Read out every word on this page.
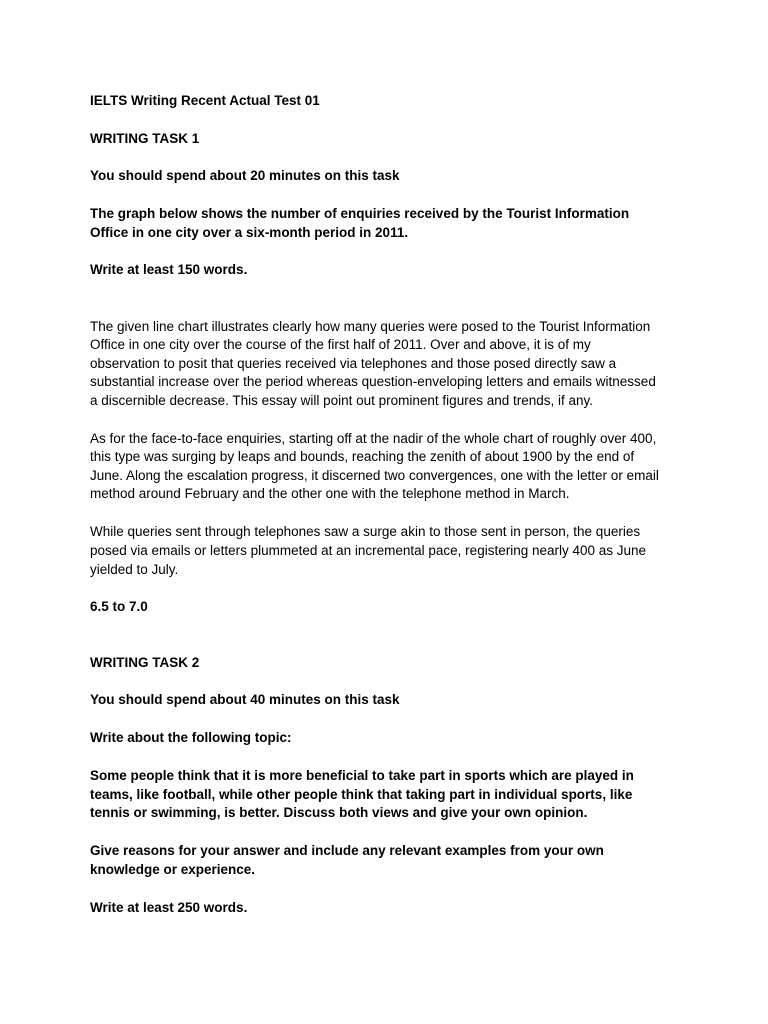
IELTS Writing Recent Actual Test 01

WRITING TASK 1

You should spend about 20 minutes on this task

The graph below shows the number of enquiries received by the Tourist Information

Office in one city over a six-month period in 2011.

Write at least 150 words.

The given line chart illustrates clearly how many queries were posed to the Tourist Information

Office in one city over the course of the first half of 2011. Over and above, it is of my

observation to posit that queries received via telephones and those posed directly saw a

substantial increase over the period whereas question-enveloping letters and emails witnessed

a discernible decrease. This essay will point out prominent figures and trends, if any.

As for the face-to-face enquiries, starting off at the nadir of the whole chart of roughly over 400,

this type was surging by leaps and bounds, reaching the zenith of about 1900 by the end of

June. Along the escalation progress, it discerned two convergences, one with the letter or email

method around February and the other one with the telephone method in March.

While queries sent through telephones saw a surge akin to those sent in person, the queries

posed via emails or letters plummeted at an incremental pace, registering nearly 400 as June

yielded to July.

6.5 to 7.0

WRITING TASK 2

You should spend about 40 minutes on this task

Write about the following topic:

Some people think that it is more beneficial to take part in sports which are played in

teams, like football, while other people think that taking part in individual sports, like

tennis or swimming, is better. Discuss both views and give your own opinion.

Give reasons for your answer and include any relevant examples from your own

knowledge or experience.

Write at least 250 words.
